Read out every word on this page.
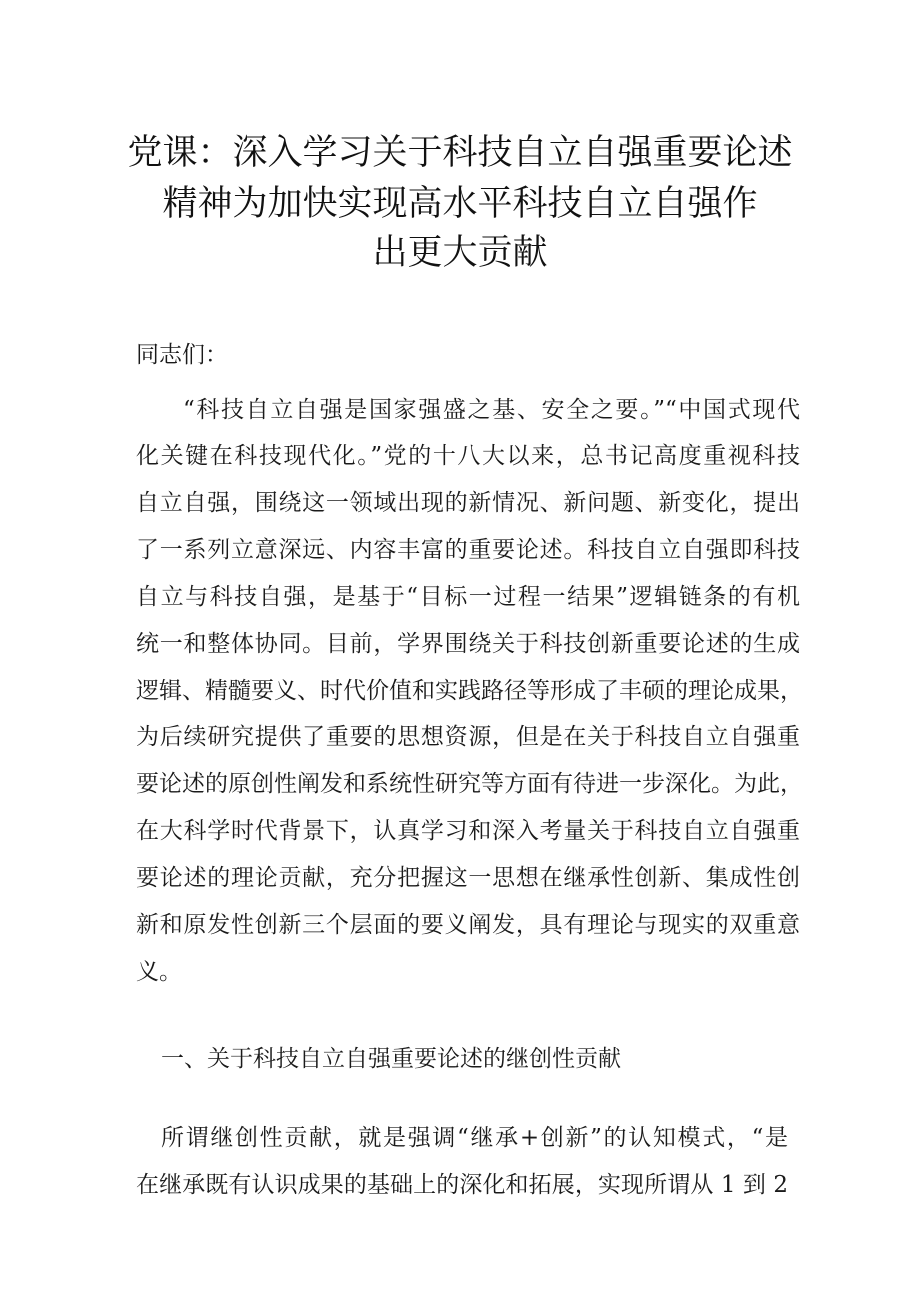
党课：深入学习关于科技自立自强重要论述
精神为加快实现高水平科技自立自强作
出更大贡献
同志们：
“科技自立自强是国家强盛之基、安全之要。”“中国式现代
化关键在科技现代化。”党的十八大以来，总书记高度重视科技
自立自强，围绕这一领域出现的新情况、新问题、新变化，提出
了一系列立意深远、内容丰富的重要论述。科技自立自强即科技
自立与科技自强，是基于“目标一过程一结果”逻辑链条的有机
统一和整体协同。目前，学界围绕关于科技创新重要论述的生成
逻辑、精髓要义、时代价值和实践路径等形成了丰硕的理论成果，
为后续研究提供了重要的思想资源，但是在关于科技自立自强重
要论述的原创性阐发和系统性研究等方面有待进一步深化。为此，
在大科学时代背景下，认真学习和深入考量关于科技自立自强重
要论述的理论贡献，充分把握这一思想在继承性创新、集成性创
新和原发性创新三个层面的要义阐发，具有理论与现实的双重意
义。
一、关于科技自立自强重要论述的继创性贡献
所谓继创性贡献，就是强调“继承+创新”的认知模式，“是
在继承既有认识成果的基础上的深化和拓展，实现所谓从 1 到 2
